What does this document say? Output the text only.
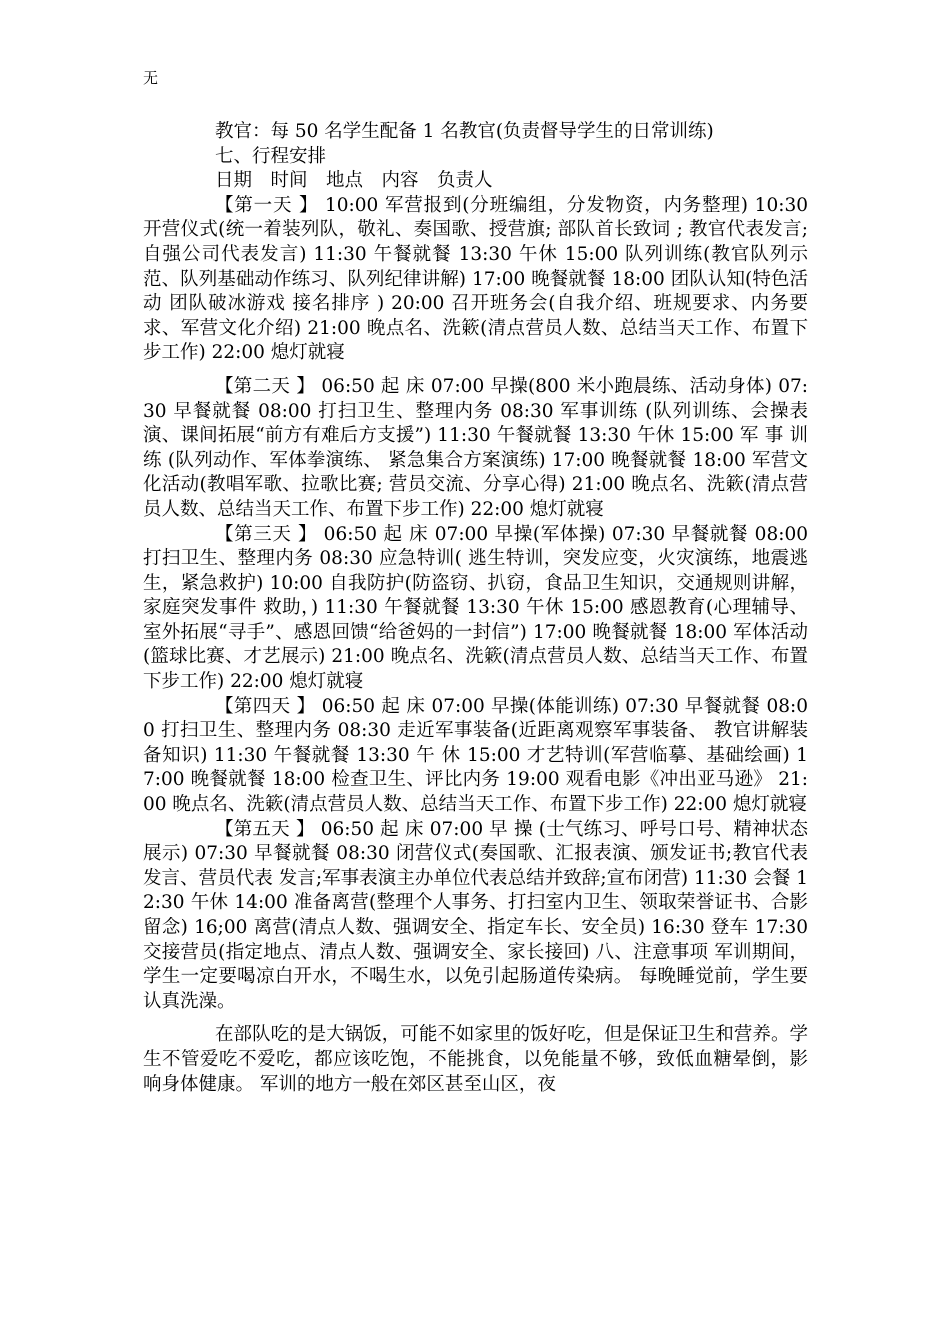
无

教官：每 50 名学生配备 1 名教官(负责督导学生的日常训练)

七、行程安排

日期　时间　地点　内容　负责人

【第一天 】 10:00 军营报到(分班编组，分发物资，内务整理) 10:30 开营仪式(统一着装列队，敬礼、奏国歌、授营旗; 部队首长致词 ; 教官代表发言;自强公司代表发言) 11:30 午餐就餐 13:30 午休 15:00 队列训练(教官队列示范、队列基础动作练习、队列纪律讲解) 17:00 晚餐就餐 18:00 团队认知(特色活动 团队破冰游戏 接名排序 ) 20:00 召开班务会(自我介绍、班规要求、内务要求、军营文化介绍) 21:00 晚点名、洗簌(清点营员人数、总结当天工作、布置下步工作) 22:00 熄灯就寝

【第二天 】 06:50 起 床 07:00 早操(800 米小跑晨练、活动身体) 07:30 早餐就餐 08:00 打扫卫生、整理内务 08:30 军事训练 (队列训练、会操表演、课间拓展“前方有难后方支援”) 11:30 午餐就餐 13:30 午休 15:00 军 事 训 练 (队列动作、军体拳演练、 紧急集合方案演练) 17:00 晚餐就餐 18:00 军营文化活动(教唱军歌、拉歌比赛; 营员交流、分享心得) 21:00 晚点名、洗簌(清点营员人数、总结当天工作、布置下步工作) 22:00 熄灯就寝

【第三天 】 06:50 起 床 07:00 早操(军体操) 07:30 早餐就餐 08:00 打扫卫生、整理内务 08:30 应急特训( 逃生特训，突发应变，火灾演练，地震逃生，紧急救护) 10:00 自我防护(防盗窃、扒窃，食品卫生知识，交通规则讲解，家庭突发事件 救助，) 11:30 午餐就餐 13:30 午休 15:00 感恩教育(心理辅导、室外拓展“寻手”、感恩回馈“给爸妈的一封信”) 17:00 晚餐就餐 18:00 军体活动 (篮球比赛、才艺展示) 21:00 晚点名、洗簌(清点营员人数、总结当天工作、布置下步工作) 22:00 熄灯就寝

【第四天 】 06:50 起 床 07:00 早操(体能训练) 07:30 早餐就餐 08:00 打扫卫生、整理内务 08:30 走近军事装备(近距离观察军事装备、 教官讲解装备知识) 11:30 午餐就餐 13:30 午 休 15:00 才艺特训(军营临摹、基础绘画) 17:00 晚餐就餐 18:00 检查卫生、评比内务 19:00 观看电影《冲出亚马逊》 21:00 晚点名、洗簌(清点营员人数、总结当天工作、布置下步工作) 22:00 熄灯就寝

【第五天 】 06:50 起 床 07:00 早 操 (士气练习、呼号口号、精神状态展示) 07:30 早餐就餐 08:30 闭营仪式(奏国歌、汇报表演、颁发证书;教官代表发言、营员代表 发言;军事表演主办单位代表总结并致辞;宣布闭营) 11:30 会餐 12:30 午休 14:00 准备离营(整理个人事务、打扫室内卫生、领取荣誉证书、合影留念) 16;00 离营(清点人数、强调安全、指定车长、安全员) 16:30 登车 17:30 交接营员(指定地点、清点人数、强调安全、家长接回) 八、注意事项 军训期间，学生一定要喝凉白开水，不喝生水，以免引起肠道传染病。 每晚睡觉前，学生要认真洗澡。

在部队吃的是大锅饭，可能不如家里的饭好吃，但是保证卫生和营养。学生不管爱吃不爱吃，都应该吃饱，不能挑食，以免能量不够，致低血糖晕倒，影响身体健康。 军训的地方一般在郊区甚至山区，夜
